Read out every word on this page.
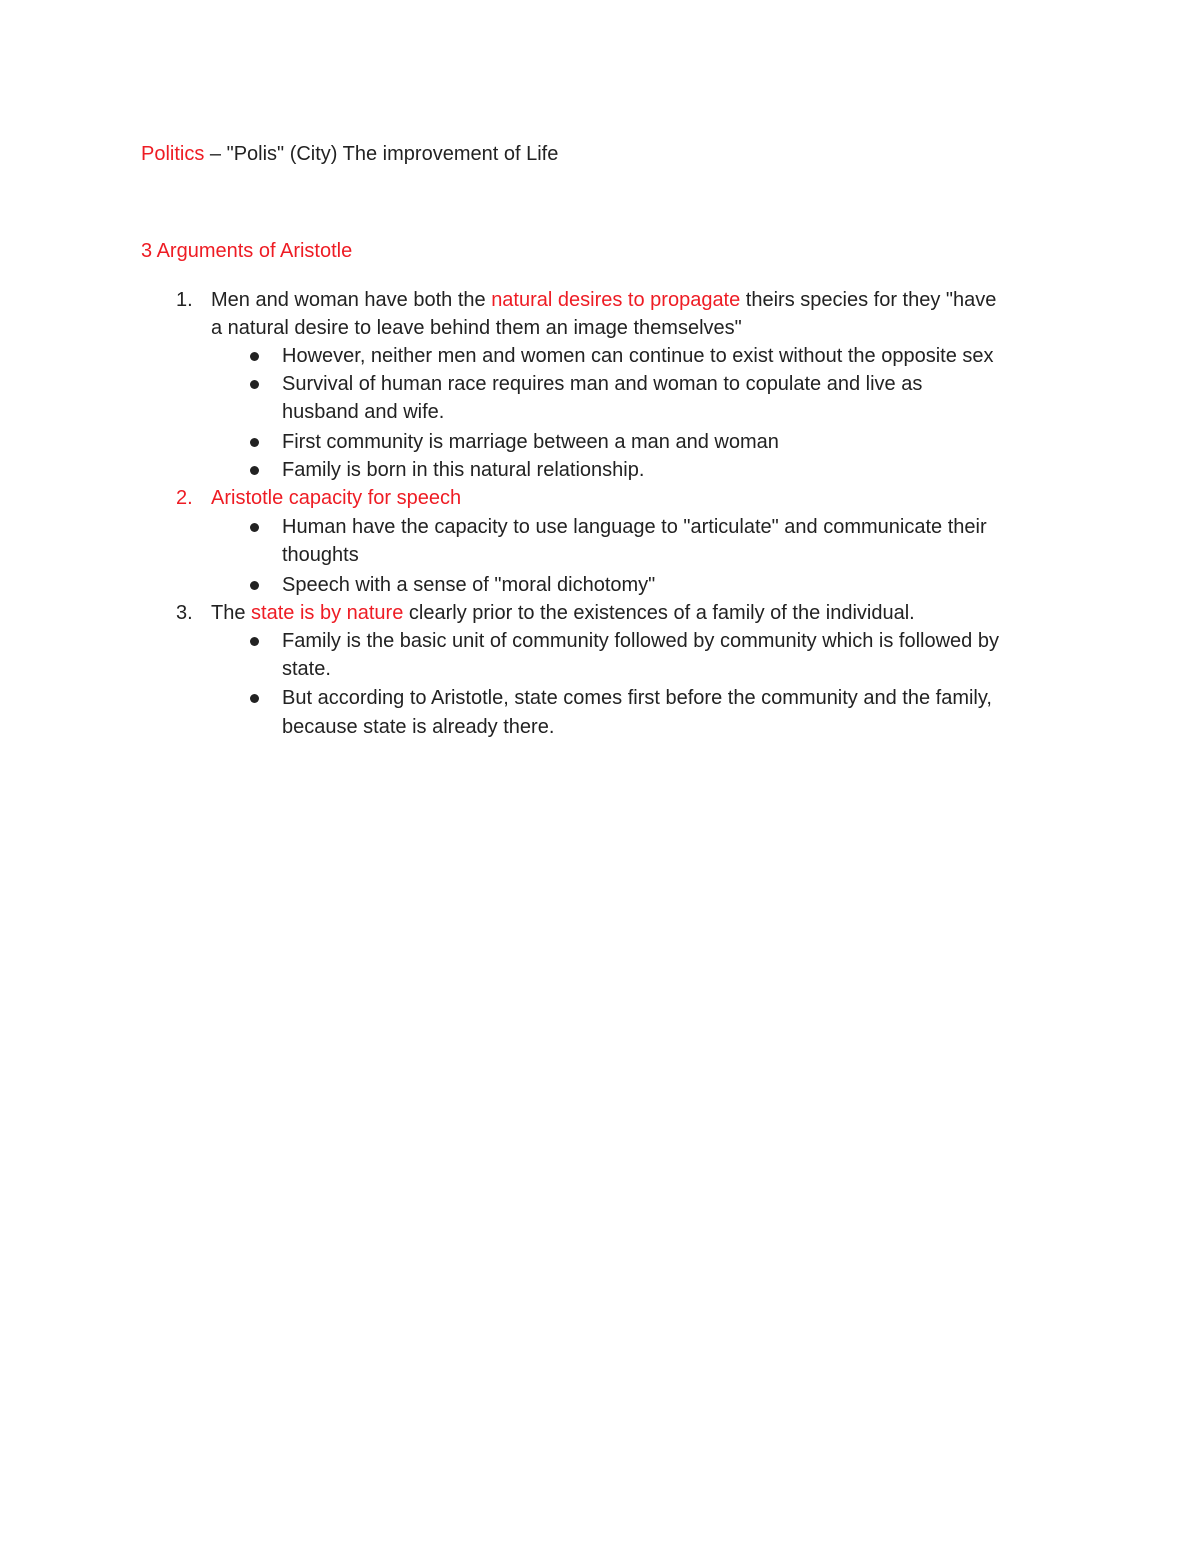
Politics – "Polis" (City) The improvement of Life
3 Arguments of Aristotle
1. Men and woman have both the natural desires to propagate theirs species for they "have
a natural desire to leave behind them an image themselves"
However, neither men and women can continue to exist without the opposite sex
Survival of human race requires man and woman to copulate and live as
husband and wife.
First community is marriage between a man and woman
Family is born in this natural relationship.
2. Aristotle capacity for speech
Human have the capacity to use language to "articulate" and communicate their
thoughts
Speech with a sense of "moral dichotomy"
3. The state is by nature clearly prior to the existences of a family of the individual.
Family is the basic unit of community followed by community which is followed by
state.
But according to Aristotle, state comes first before the community and the family,
because state is already there.
